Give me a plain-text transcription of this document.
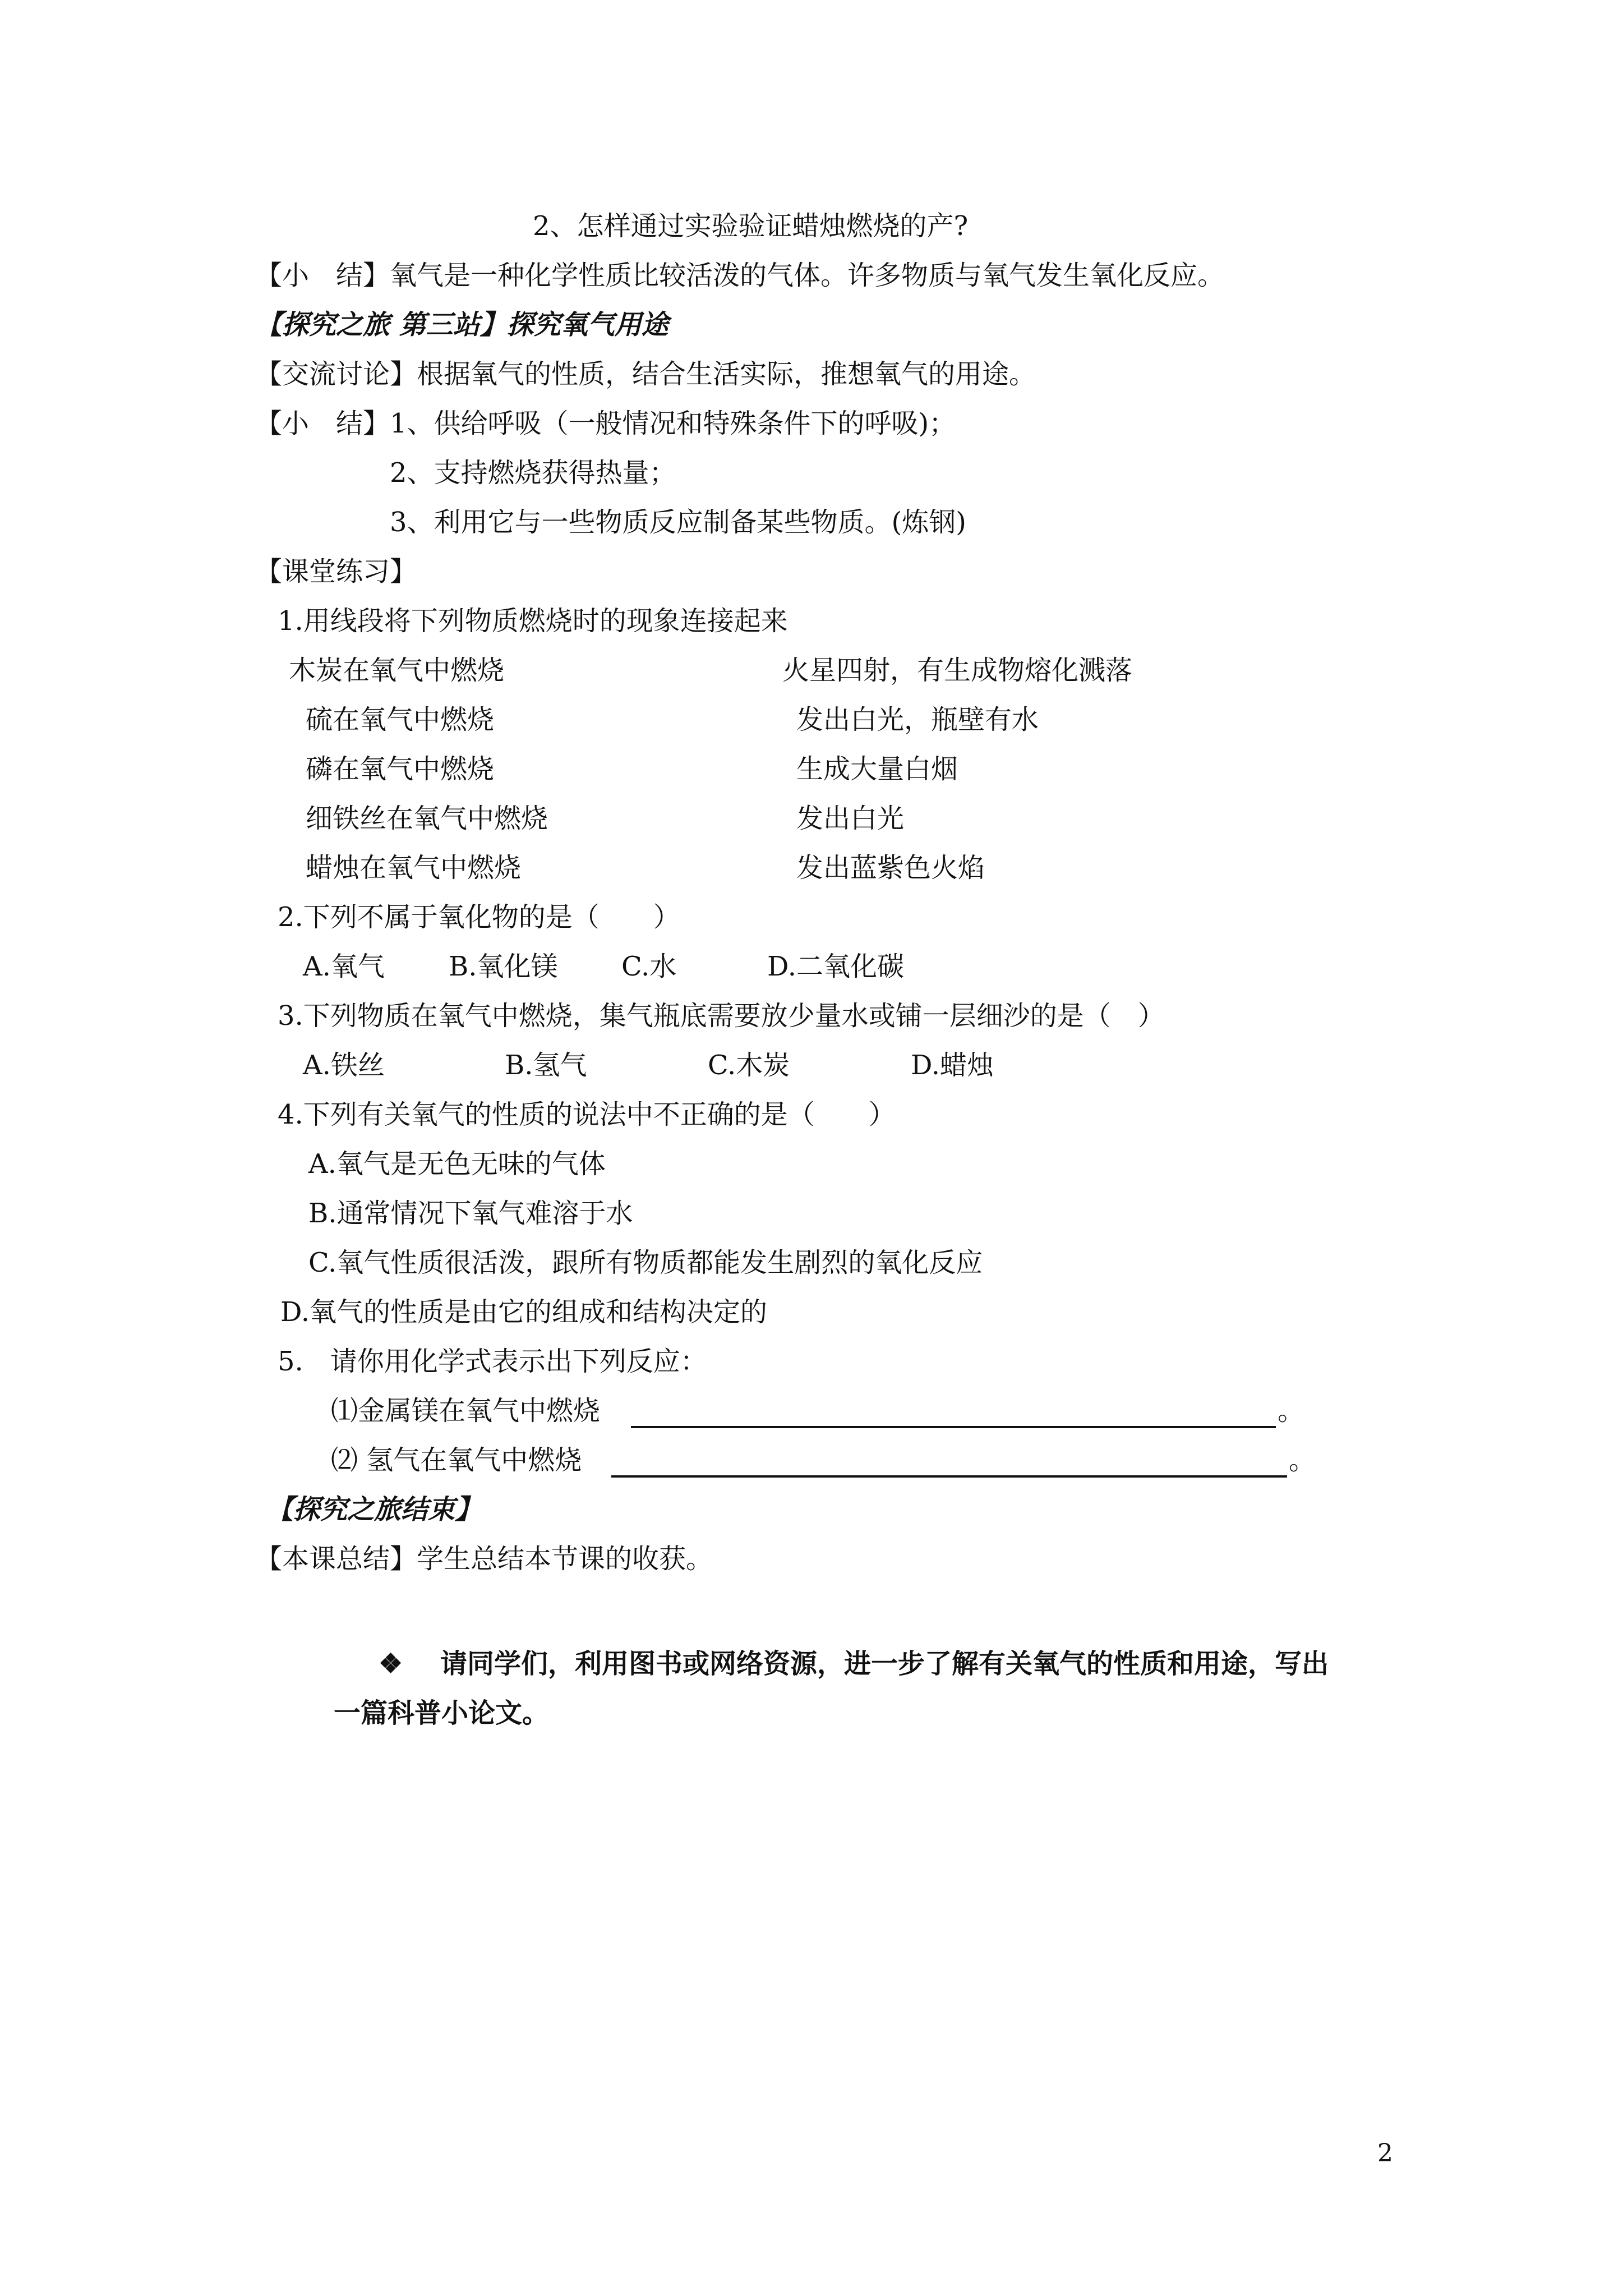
2、怎样通过实验验证蜡烛燃烧的产?
【小　结】氧气是一种化学性质比较活泼的气体。许多物质与氧气发生氧化反应。
【探究之旅 第三站】探究氧气用途
【交流讨论】根据氧气的性质，结合生活实际，推想氧气的用途。
【小　结】1、供给呼吸（一般情况和特殊条件下的呼吸)；
2、支持燃烧获得热量；
3、利用它与一些物质反应制备某些物质。(炼钢)
【课堂练习】
1.用线段将下列物质燃烧时的现象连接起来
木炭在氧气中燃烧	火星四射，有生成物熔化溅落
硫在氧气中燃烧	发出白光，瓶壁有水
磷在氧气中燃烧	生成大量白烟
细铁丝在氧气中燃烧	发出白光
蜡烛在氧气中燃烧	发出蓝紫色火焰
2.下列不属于氧化物的是（　　）
A.氧气 B.氧化镁 C.水	D.二氧化碳
3.下列物质在氧气中燃烧，集气瓶底需要放少量水或铺一层细沙的是（　）
A.铁丝	B.氢气	C.木炭	D.蜡烛
4.下列有关氧气的性质的说法中不正确的是（　　）
A.氧气是无色无味的气体
B.通常情况下氧气难溶于水
C.氧气性质很活泼，跟所有物质都能发生剧烈的氧化反应
D.氧气的性质是由它的组成和结构决定的
5.　请你用化学式表示出下列反应：
⑴金属镁在氧气中燃烧	。
⑵ 氢气在氧气中燃烧	。
【探究之旅结束】
【本课总结】学生总结本节课的收获。
❖ 请同学们，利用图书或网络资源，进一步了解有关氧气的性质和用途，写出
一篇科普小论文。
2
